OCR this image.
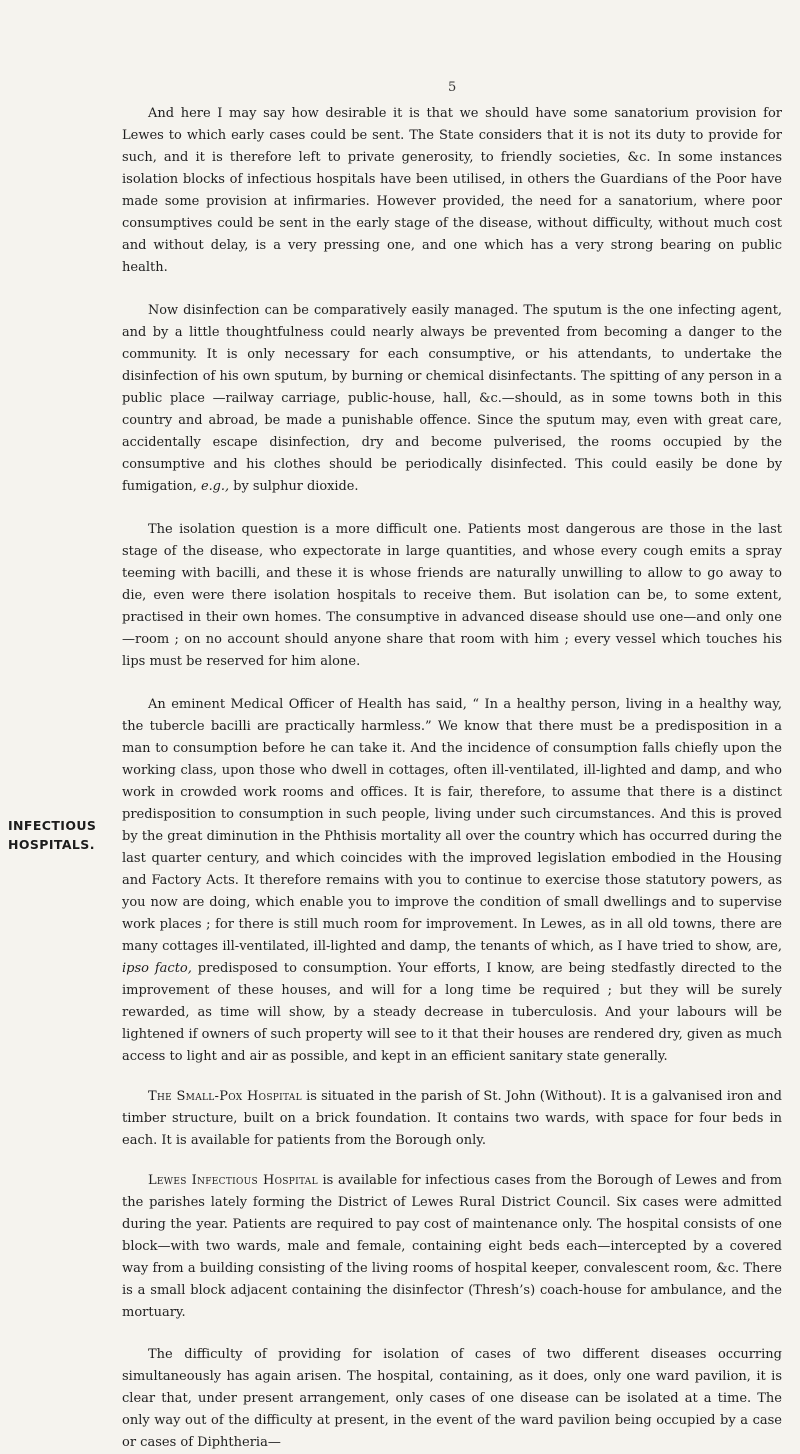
5
INFECTIOUS
HOSPITALS.

And here I may say how desirable it is that we should have some sanatorium provision for Lewes to which early cases could be sent. The State considers that it is not its duty to provide for such, and it is therefore left to private generosity, to friendly societies, &c. In some instances isolation blocks of infectious hospitals have been utilised, in others the Guardians of the Poor have made some provision at infirmaries. However provided, the need for a sanatorium, where poor consumptives could be sent in the early stage of the disease, without difficulty, without much cost and without delay, is a very pressing one, and one which has a very strong bearing on public health.

Now disinfection can be comparatively easily managed. The sputum is the one infecting agent, and by a little thoughtfulness could nearly always be prevented from becoming a danger to the community. It is only necessary for each consumptive, or his attendants, to undertake the disinfection of his own sputum, by burning or chemical disinfectants. The spitting of any person in a public place —railway carriage, public-house, hall, &c.—should, as in some towns both in this country and abroad, be made a punishable offence. Since the sputum may, even with great care, accidentally escape disinfection, dry and become pulverised, the rooms occupied by the consumptive and his clothes should be periodically disinfected. This could easily be done by fumigation, e.g., by sulphur dioxide.

The isolation question is a more difficult one. Patients most dangerous are those in the last stage of the disease, who expectorate in large quantities, and whose every cough emits a spray teeming with bacilli, and these it is whose friends are naturally unwilling to allow to go away to die, even were there isolation hospitals to receive them. But isolation can be, to some extent, practised in their own homes. The consumptive in advanced disease should use one—and only one—room ; on no account should anyone share that room with him ; every vessel which touches his lips must be reserved for him alone.

An eminent Medical Officer of Health has said, “ In a healthy person, living in a healthy way, the tubercle bacilli are practically harmless.” We know that there must be a predisposition in a man to consumption before he can take it. And the incidence of consumption falls chiefly upon the working class, upon those who dwell in cottages, often ill-ventilated, ill-lighted and damp, and who work in crowded work rooms and offices. It is fair, therefore, to assume that there is a distinct predisposition to consumption in such people, living under such circumstances. And this is proved by the great diminution in the Phthisis mortality all over the country which has occurred during the last quarter century, and which coincides with the improved legislation embodied in the Housing and Factory Acts. It therefore remains with you to continue to exercise those statutory powers, as you now are doing, which enable you to improve the condition of small dwellings and to supervise work places ; for there is still much room for improvement. In Lewes, as in all old towns, there are many cottages ill-ventilated, ill-lighted and damp, the tenants of which, as I have tried to show, are, ipso facto, predisposed to consumption. Your efforts, I know, are being stedfastly directed to the improvement of these houses, and will for a long time be required ; but they will be surely rewarded, as time will show, by a steady decrease in tuberculosis. And your labours will be lightened if owners of such property will see to it that their houses are rendered dry, given as much access to light and air as possible, and kept in an efficient sanitary state generally.

The Small-Pox Hospital is situated in the parish of St. John (Without). It is a galvanised iron and timber structure, built on a brick foundation. It contains two wards, with space for four beds in each. It is available for patients from the Borough only.

Lewes Infectious Hospital is available for infectious cases from the Borough of Lewes and from the parishes lately forming the District of Lewes Rural District Council. Six cases were admitted during the year. Patients are required to pay cost of maintenance only. The hospital consists of one block—with two wards, male and female, containing eight beds each—intercepted by a covered way from a building consisting of the living rooms of hospital keeper, convalescent room, &c. There is a small block adjacent containing the disinfector (Thresh’s) coach-house for ambulance, and the mortuary.

The difficulty of providing for isolation of cases of two different diseases occurring simultaneously has again arisen. The hospital, containing, as it does, only one ward pavilion, it is clear that, under present arrangement, only cases of one disease can be isolated at a time. The only way out of the difficulty at present, in the event of the ward pavilion being occupied by a case or cases of Diphtheria—
